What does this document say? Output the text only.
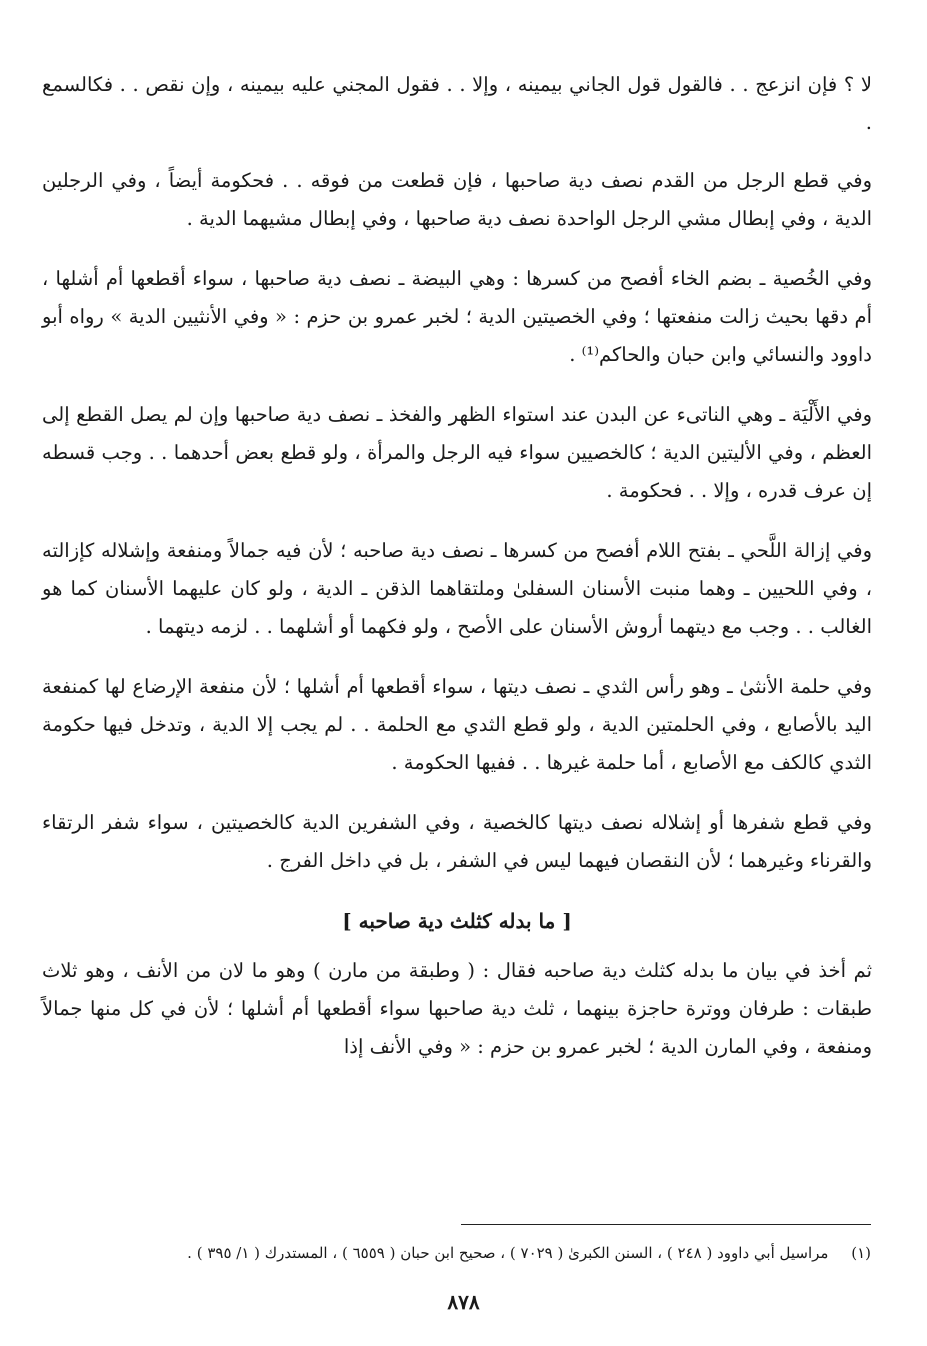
لا ؟ فإن انزعج . . فالقول قول الجاني بيمينه ، وإلا . . فقول المجني عليه بيمينه ، وإن نقص . . فكالسمع .

وفي قطع الرجل من القدم نصف دية صاحبها ، فإن قطعت من فوقه . . فحكومة أيضاً ، وفي الرجلين الدية ، وفي إبطال مشي الرجل الواحدة نصف دية صاحبها ، وفي إبطال مشيهما الدية .

وفي الخُصية ـ بضم الخاء أفصح من كسرها : وهي البيضة ـ نصف دية صاحبها ، سواء أقطعها أم أشلها ، أم دقها بحيث زالت منفعتها ؛ وفي الخصيتين الدية ؛ لخبر عمرو بن حزم : « وفي الأنثيين الدية » رواه أبو داوود والنسائي وابن حبان والحاكم⁽¹⁾ .

وفي الأَلْيَة ـ وهي الناتىء عن البدن عند استواء الظهر والفخذ ـ نصف دية صاحبها وإن لم يصل القطع إلى العظم ، وفي الأليتين الدية ؛ كالخصيين سواء فيه الرجل والمرأة ، ولو قطع بعض أحدهما . . وجب قسطه إن عرف قدره ، وإلا . . فحكومة .

وفي إزالة اللَّحي ـ بفتح اللام أفصح من كسرها ـ نصف دية صاحبه ؛ لأن فيه جمالاً ومنفعة وإشلاله كإزالته ، وفي اللحيين ـ وهما منبت الأسنان السفلىٰ وملتقاهما الذقن ـ الدية ، ولو كان عليهما الأسنان كما هو الغالب . . وجب مع ديتهما أروش الأسنان على الأصح ، ولو فكهما أو أشلهما . . لزمه ديتهما .

وفي حلمة الأنثىٰ ـ وهو رأس الثدي ـ نصف ديتها ، سواء أقطعها أم أشلها ؛ لأن منفعة الإرضاع لها كمنفعة اليد بالأصابع ، وفي الحلمتين الدية ، ولو قطع الثدي مع الحلمة . . لم يجب إلا الدية ، وتدخل فيها حكومة الثدي كالكف مع الأصابع ، أما حلمة غيرها . . ففيها الحكومة .

وفي قطع شفرها أو إشلاله نصف ديتها كالخصية ، وفي الشفرين الدية كالخصيتين ، سواء شفر الرتقاء والقرناء وغيرهما ؛ لأن النقصان فيهما ليس في الشفر ، بل في داخل الفرج .

[ ما بدله كثلث دية صاحبه ]

ثم أخذ في بيان ما بدله كثلث دية صاحبه فقال : ( وطبقة من مارن ) وهو ما لان من الأنف ، وهو ثلاث طبقات : طرفان ووترة حاجزة بينهما ، ثلث دية صاحبها سواء أقطعها أم أشلها ؛ لأن في كل منها جمالاً ومنفعة ، وفي المارن الدية ؛ لخبر عمرو بن حزم : « وفي الأنف إذا

(١) مراسيل أبي داوود ( ٢٤٨ ) ، السنن الكبرىٰ ( ٧٠٢٩ ) ، صحيح ابن حبان ( ٦٥٥٩ ) ، المستدرك ( ١/ ٣٩٥ ) .
٨٧٨
